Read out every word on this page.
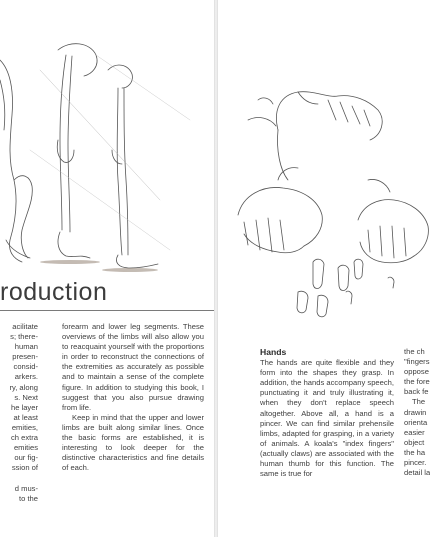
roduction
acilitate
s; there-
human
presen-
consid-
arkers.
ry, along
s. Next
he layer
at least
emities,
ch extra
emities
our fig-
ssion of

d mus-
to the

forearm and lower leg segments. These overviews of the limbs will also allow you to reacquaint yourself with the proportions in order to reconstruct the connections of the extremities as accurately as possible and to maintain a sense of the complete figure. In addition to studying this book, I suggest that you also pursue drawing from life.

Keep in mind that the upper and lower limbs are built along similar lines. Once the basic forms are established, it is interesting to look deeper for the distinctive characteristics and fine details of each.

Hands

The hands are quite flexible and they form into the shapes they grasp. In addition, the hands accompany speech, punctuating it and truly illustrating it, when they don't replace speech altogether. Above all, a hand is a pincer. We can find similar prehensile limbs, adapted for grasping, in a variety of animals. A koala's "index fingers" (actually claws) are associated with the human thumb for this function. The same is true for

the ch
"fingers
oppose
the fore
back fe
The
drawin
orienta
easier
object
the ha
pincer.
detail la
